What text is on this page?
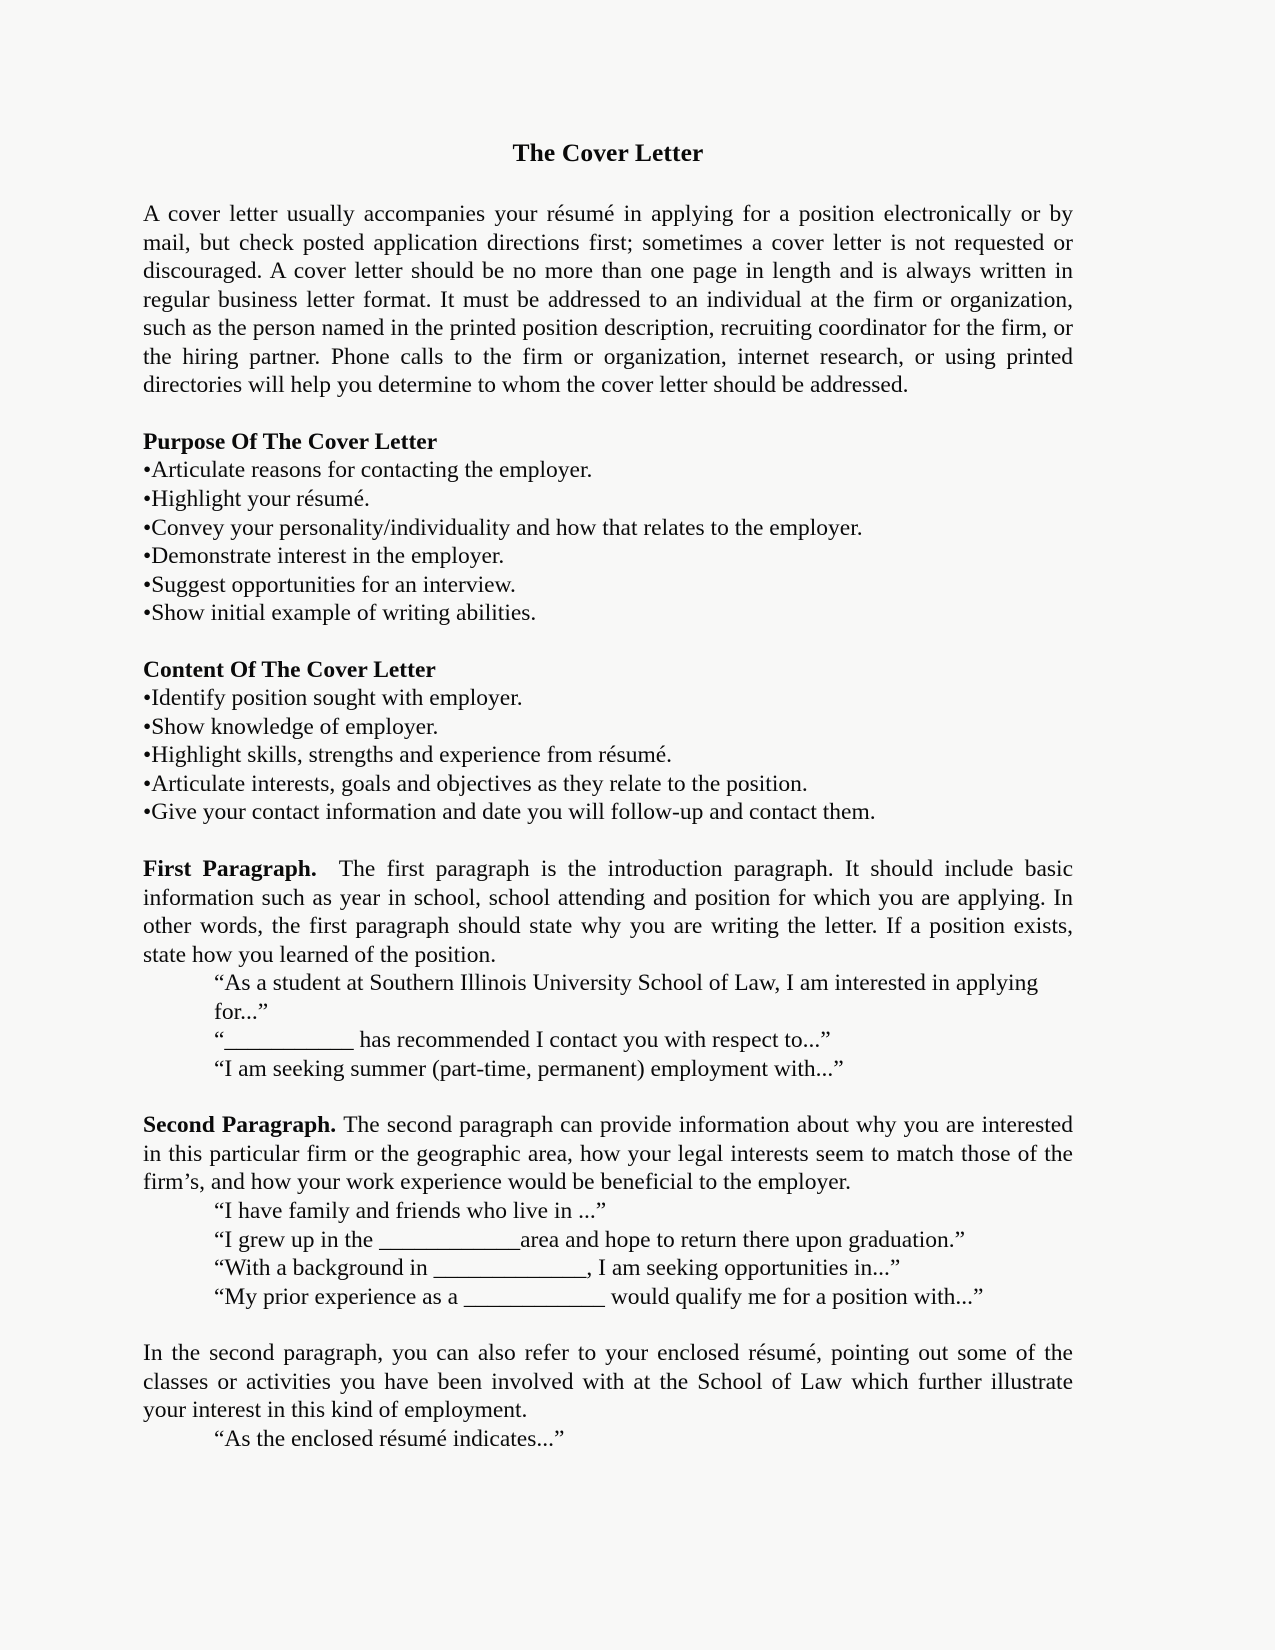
The Cover Letter

A cover letter usually accompanies your résumé in applying for a position electronically or by mail, but check posted application directions first; sometimes a cover letter is not requested or discouraged. A cover letter should be no more than one page in length and is always written in regular business letter format. It must be addressed to an individual at the firm or organization, such as the person named in the printed position description, recruiting coordinator for the firm, or the hiring partner. Phone calls to the firm or organization, internet research, or using printed directories will help you determine to whom the cover letter should be addressed.

Purpose Of The Cover Letter

•Articulate reasons for contacting the employer.
•Highlight your résumé.
•Convey your personality/individuality and how that relates to the employer.
•Demonstrate interest in the employer.
•Suggest opportunities for an interview.
•Show initial example of writing abilities.

Content Of The Cover Letter

•Identify position sought with employer.
•Show knowledge of employer.
•Highlight skills, strengths and experience from résumé.
•Articulate interests, goals and objectives as they relate to the position.
•Give your contact information and date you will follow-up and contact them.

First Paragraph. The first paragraph is the introduction paragraph. It should include basic information such as year in school, school attending and position for which you are applying. In other words, the first paragraph should state why you are writing the letter. If a position exists, state how you learned of the position.

“As a student at Southern Illinois University School of Law, I am interested in applying
for...”

“___________ has recommended I contact you with respect to...”

“I am seeking summer (part-time, permanent) employment with...”

Second Paragraph. The second paragraph can provide information about why you are interested in this particular firm or the geographic area, how your legal interests seem to match those of the firm’s, and how your work experience would be beneficial to the employer.

“I have family and friends who live in ...”

“I grew up in the ____________area and hope to return there upon graduation.”

“With a background in _____________, I am seeking opportunities in...”

“My prior experience as a ____________ would qualify me for a position with...”

In the second paragraph, you can also refer to your enclosed résumé, pointing out some of the classes or activities you have been involved with at the School of Law which further illustrate your interest in this kind of employment.

“As the enclosed résumé indicates...”
